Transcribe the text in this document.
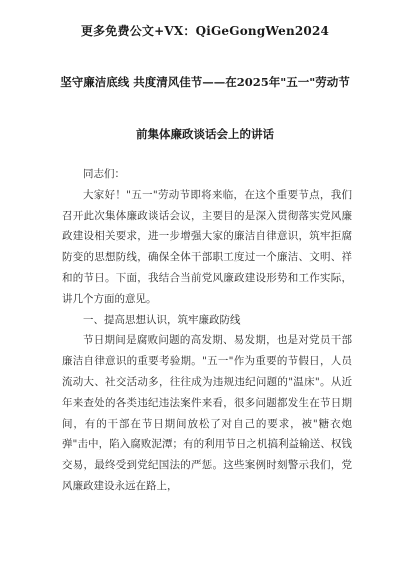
更多免费公文+VX：QiGeGongWen2024
坚守廉洁底线 共度清风佳节——在2025年"五一"劳动节
前集体廉政谈话会上的讲话

同志们：

大家好！"五一"劳动节即将来临，在这个重要节点，我们召开此次集体廉政谈话会议，主要目的是深入贯彻落实党风廉政建设相关要求，进一步增强大家的廉洁自律意识，筑牢拒腐防变的思想防线，确保全体干部职工度过一个廉洁、文明、祥和的节日。下面，我结合当前党风廉政建设形势和工作实际，讲几个方面的意见。

一、提高思想认识，筑牢廉政防线

节日期间是腐败问题的高发期、易发期，也是对党员干部廉洁自律意识的重要考验期。"五一"作为重要的节假日，人员流动大、社交活动多，往往成为违规违纪问题的"温床"。从近年来查处的各类违纪违法案件来看，很多问题都发生在节日期间，有的干部在节日期间放松了对自己的要求，被"糖衣炮弹"击中，陷入腐败泥潭；有的利用节日之机搞利益输送、权钱交易，最终受到党纪国法的严惩。这些案例时刻警示我们，党风廉政建设永远在路上，
